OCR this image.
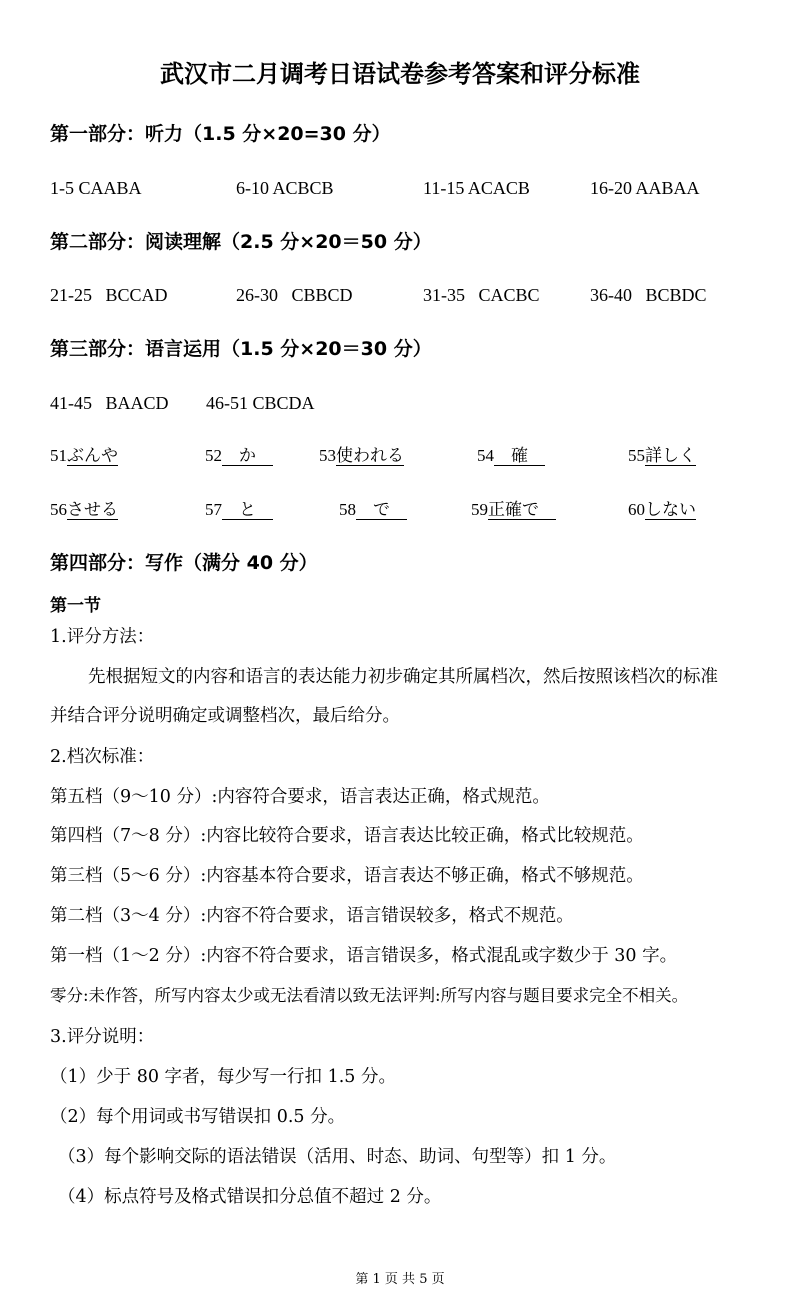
武汉市二月调考日语试卷参考答案和评分标准
第一部分：听力（1.5 分×20=30 分）
1-5 CAABA	6-10 ACBCB	11-15 ACACB	16-20 AABAA
第二部分：阅读理解（2.5 分×20＝50 分）
21-25   BCCAD	26-30   CBBCD	31-35   CACBC	36-40   BCBDC
第三部分：语言运用（1.5 分×20＝30 分）
41-45   BAACD 46-51 CBCDA
51ぶんや	52　か　	53使われる	54　確　	55詳しく
56させる	57　と　	58　で　	59正確で　	60しない
第四部分：写作（满分 40 分）
第一节
1.评分方法：
先根据短文的内容和语言的表达能力初步确定其所属档次，然后按照该档次的标准
并结合评分说明确定或调整档次，最后给分。
2.档次标准：
第五档（9～10 分）:内容符合要求，语言表达正确，格式规范。
第四档（7～8 分）:内容比较符合要求，语言表达比较正确，格式比较规范。
第三档（5～6 分）:内容基本符合要求，语言表达不够正确，格式不够规范。
第二档（3～4 分）:内容不符合要求，语言错误较多，格式不规范。
第一档（1～2 分）:内容不符合要求，语言错误多，格式混乱或字数少于 30 字。
零分:未作答，所写内容太少或无法看清以致无法评判:所写内容与题目要求完全不相关。
3.评分说明：
（1）少于 80 字者，每少写一行扣 1.5 分。
（2）每个用词或书写错误扣 0.5 分。
（3）每个影响交际的语法错误（活用、时态、助词、句型等）扣 1 分。
（4）标点符号及格式错误扣分总值不超过 2 分。
第 1 页 共 5 页
